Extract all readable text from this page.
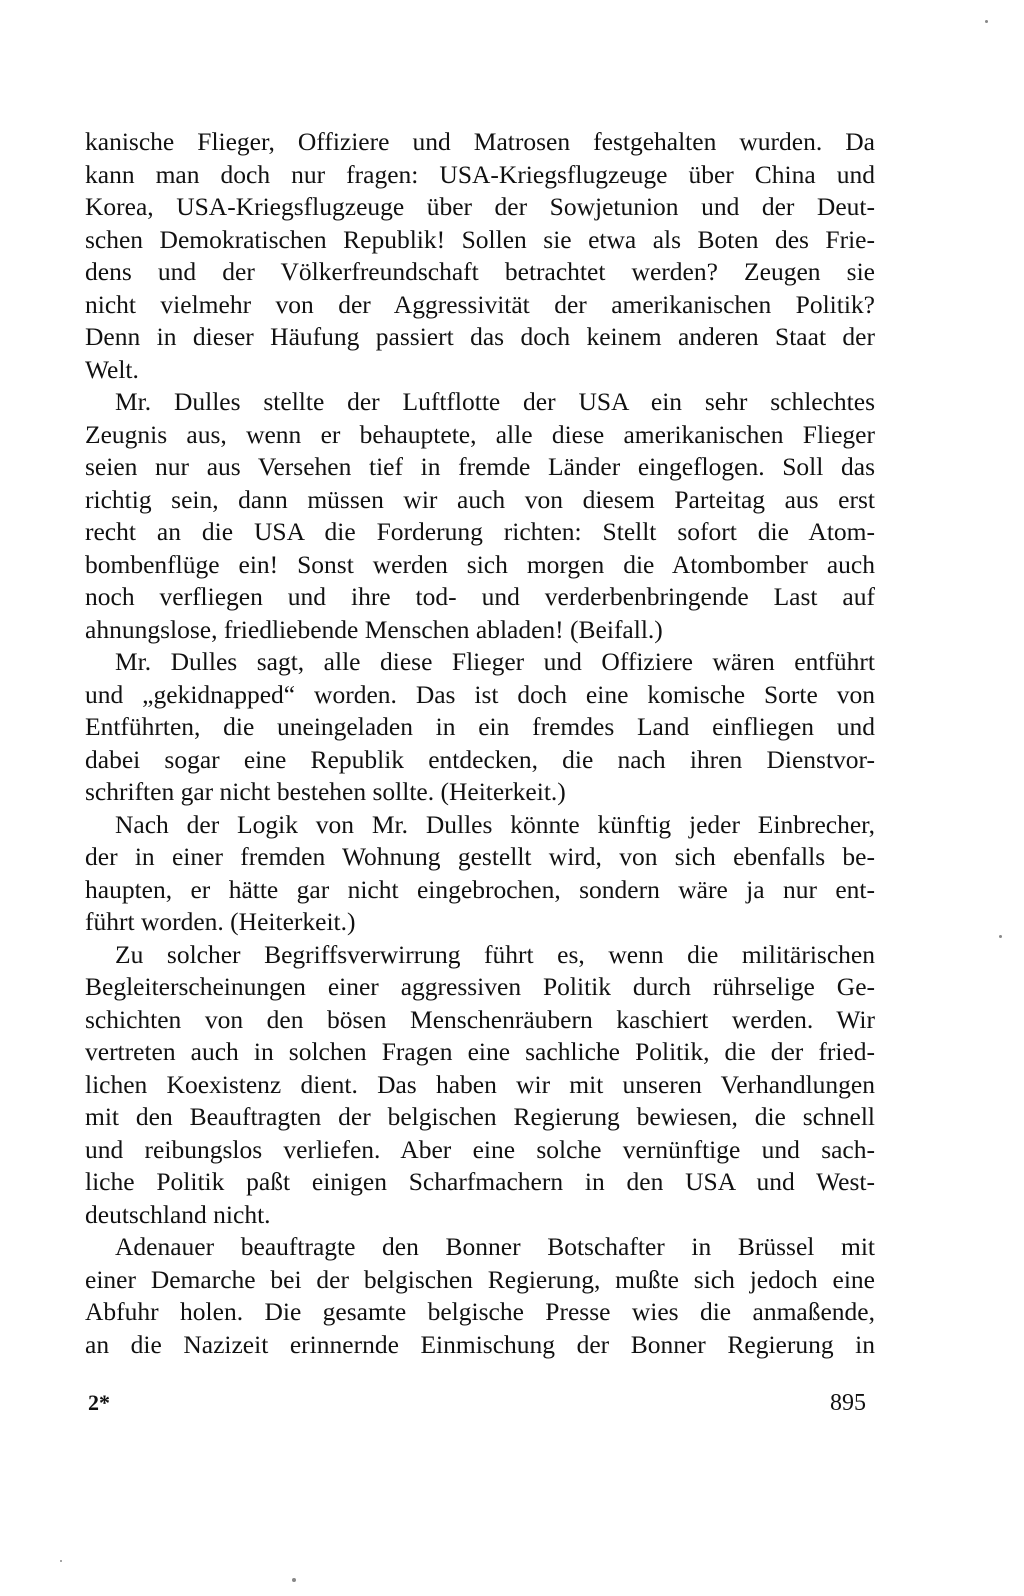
kanische Flieger, Offiziere und Matrosen festgehalten wurden. Da
kann man doch nur fragen: USA-Kriegsflugzeuge über China und
Korea, USA-Kriegsflugzeuge über der Sowjetunion und der Deut-
schen Demokratischen Republik! Sollen sie etwa als Boten des Frie-
dens und der Völkerfreundschaft betrachtet werden? Zeugen sie
nicht vielmehr von der Aggressivität der amerikanischen Politik?
Denn in dieser Häufung passiert das doch keinem anderen Staat der
Welt.
Mr. Dulles stellte der Luftflotte der USA ein sehr schlechtes
Zeugnis aus, wenn er behauptete, alle diese amerikanischen Flieger
seien nur aus Versehen tief in fremde Länder eingeflogen. Soll das
richtig sein, dann müssen wir auch von diesem Parteitag aus erst
recht an die USA die Forderung richten: Stellt sofort die Atom-
bombenflüge ein! Sonst werden sich morgen die Atombomber auch
noch verfliegen und ihre tod- und verderbenbringende Last auf
ahnungslose, friedliebende Menschen abladen! (Beifall.)
Mr. Dulles sagt, alle diese Flieger und Offiziere wären entführt
und „gekidnapped“ worden. Das ist doch eine komische Sorte von
Entführten, die uneingeladen in ein fremdes Land einfliegen und
dabei sogar eine Republik entdecken, die nach ihren Dienstvor-
schriften gar nicht bestehen sollte. (Heiterkeit.)
Nach der Logik von Mr. Dulles könnte künftig jeder Einbrecher,
der in einer fremden Wohnung gestellt wird, von sich ebenfalls be-
haupten, er hätte gar nicht eingebrochen, sondern wäre ja nur ent-
führt worden. (Heiterkeit.)
Zu solcher Begriffsverwirrung führt es, wenn die militärischen
Begleiterscheinungen einer aggressiven Politik durch rührselige Ge-
schichten von den bösen Menschenräubern kaschiert werden. Wir
vertreten auch in solchen Fragen eine sachliche Politik, die der fried-
lichen Koexistenz dient. Das haben wir mit unseren Verhandlungen
mit den Beauftragten der belgischen Regierung bewiesen, die schnell
und reibungslos verliefen. Aber eine solche vernünftige und sach-
liche Politik paßt einigen Scharfmachern in den USA und West-
deutschland nicht.
Adenauer beauftragte den Bonner Botschafter in Brüssel mit
einer Demarche bei der belgischen Regierung, mußte sich jedoch eine
Abfuhr holen. Die gesamte belgische Presse wies die anmaßende,
an die Nazizeit erinnernde Einmischung der Bonner Regierung in
2*	895
